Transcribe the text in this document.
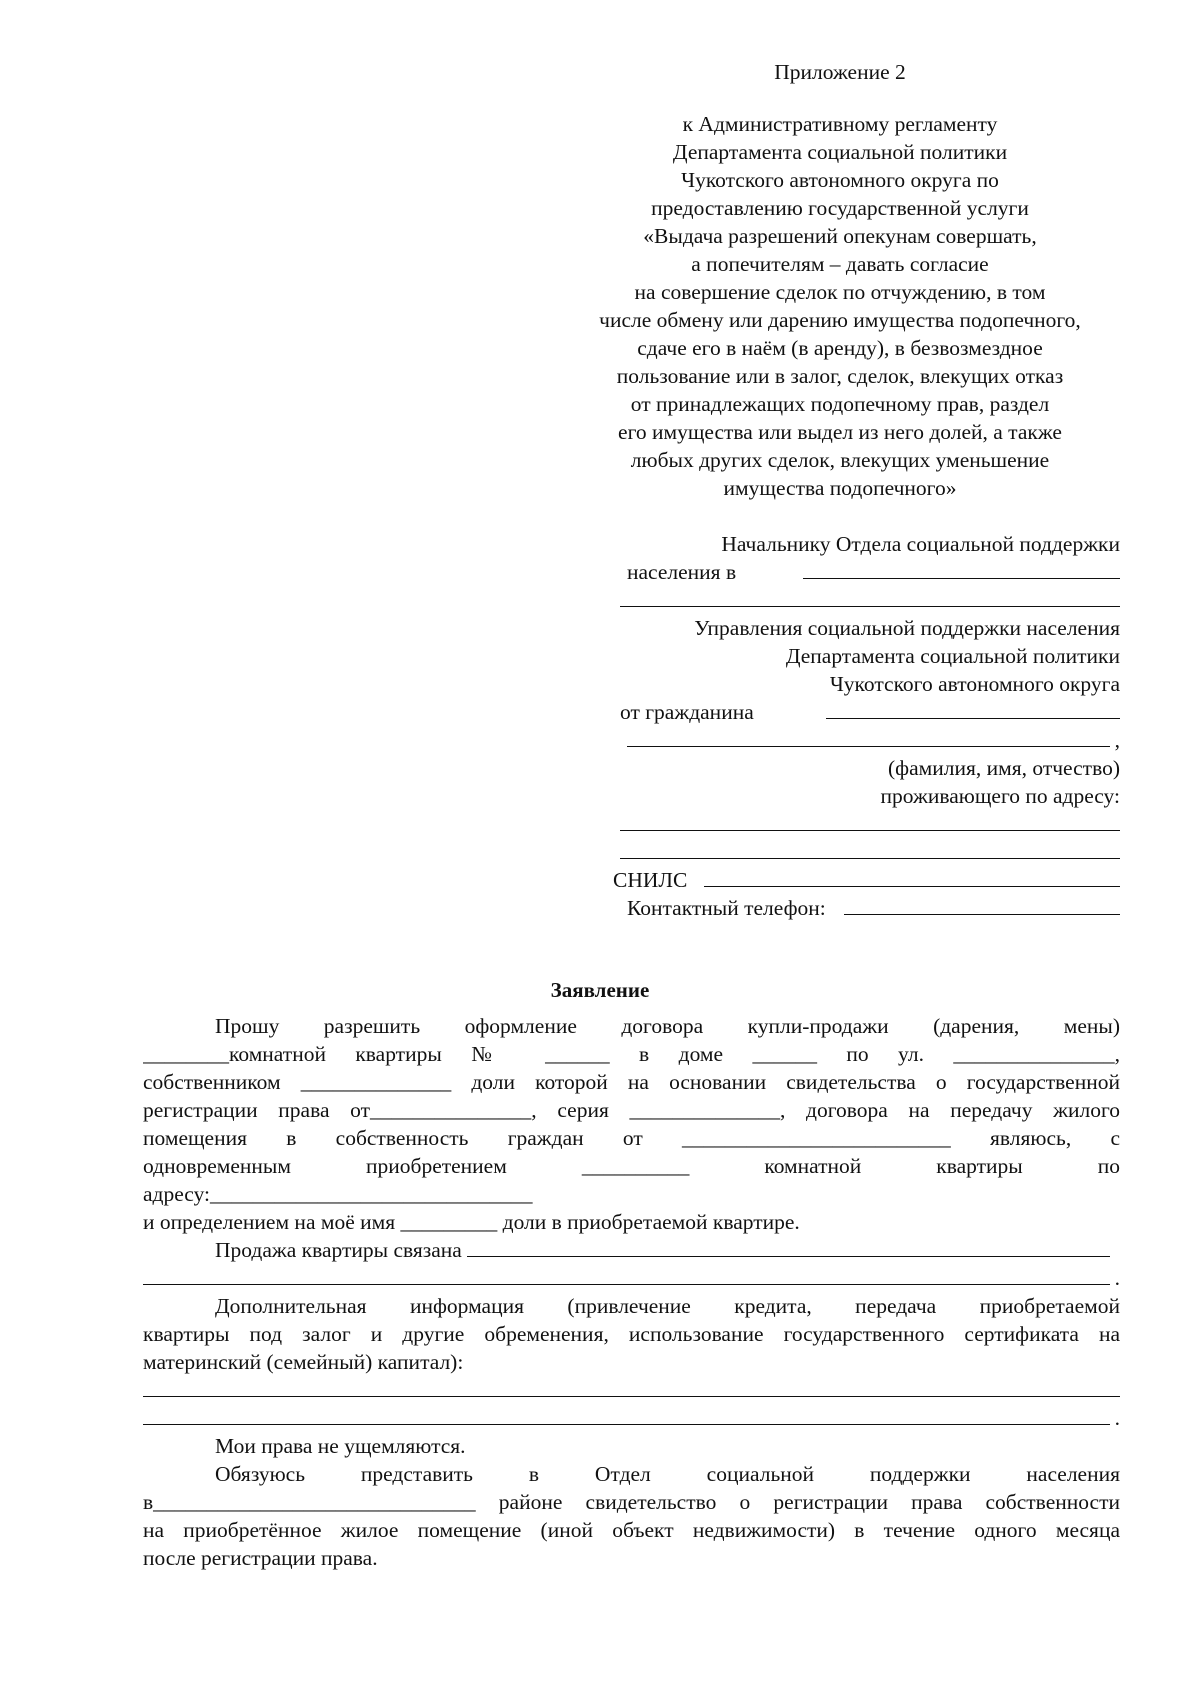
Приложение 2
к Административному регламенту
Департамента социальной политики
Чукотского автономного округа по
предоставлению государственной услуги
«Выдача разрешений опекунам совершать,
а попечителям – давать согласие
на совершение сделок по отчуждению, в том
числе обмену или дарению имущества подопечного,
сдаче его в наём (в аренду), в безвозмездное
пользование или в залог, сделок, влекущих отказ
от принадлежащих подопечному прав, раздел
его имущества или выдел из него долей, а также
любых других сделок, влекущих уменьшение
имущества подопечного»
Начальнику Отдела социальной поддержки
населения в
Управления социальной поддержки населения
Департамента социальной политики
Чукотского автономного округа
от гражданина
,
(фамилия, имя, отчество)
проживающего по адресу:
СНИЛС
Контактный телефон:
Заявление
Прошу разрешить оформление договора купли-продажи (дарения, мены)
________комнатной квартиры № ______ в доме ______ по ул. _______________,
собственником ______________ доли которой на основании свидетельства о государственной
регистрации права от_______________, серия ______________, договора на передачу жилого
помещения в собственность граждан от _________________________ являюсь, с
одновременным приобретением __________ комнатной квартиры по
адресу:______________________________
и определением на моё имя _________ доли в приобретаемой квартире.
Продажа квартиры связана
.
Дополнительная информация (привлечение кредита, передача приобретаемой
квартиры под залог и другие обременения, использование государственного сертификата на
материнский (семейный) капитал):
.
Мои права не ущемляются.
Обязуюсь представить в Отдел социальной поддержки населения
в______________________________ районе свидетельство о регистрации права собственности
на приобретённое жилое помещение (иной объект недвижимости) в течение одного месяца
после регистрации права.
